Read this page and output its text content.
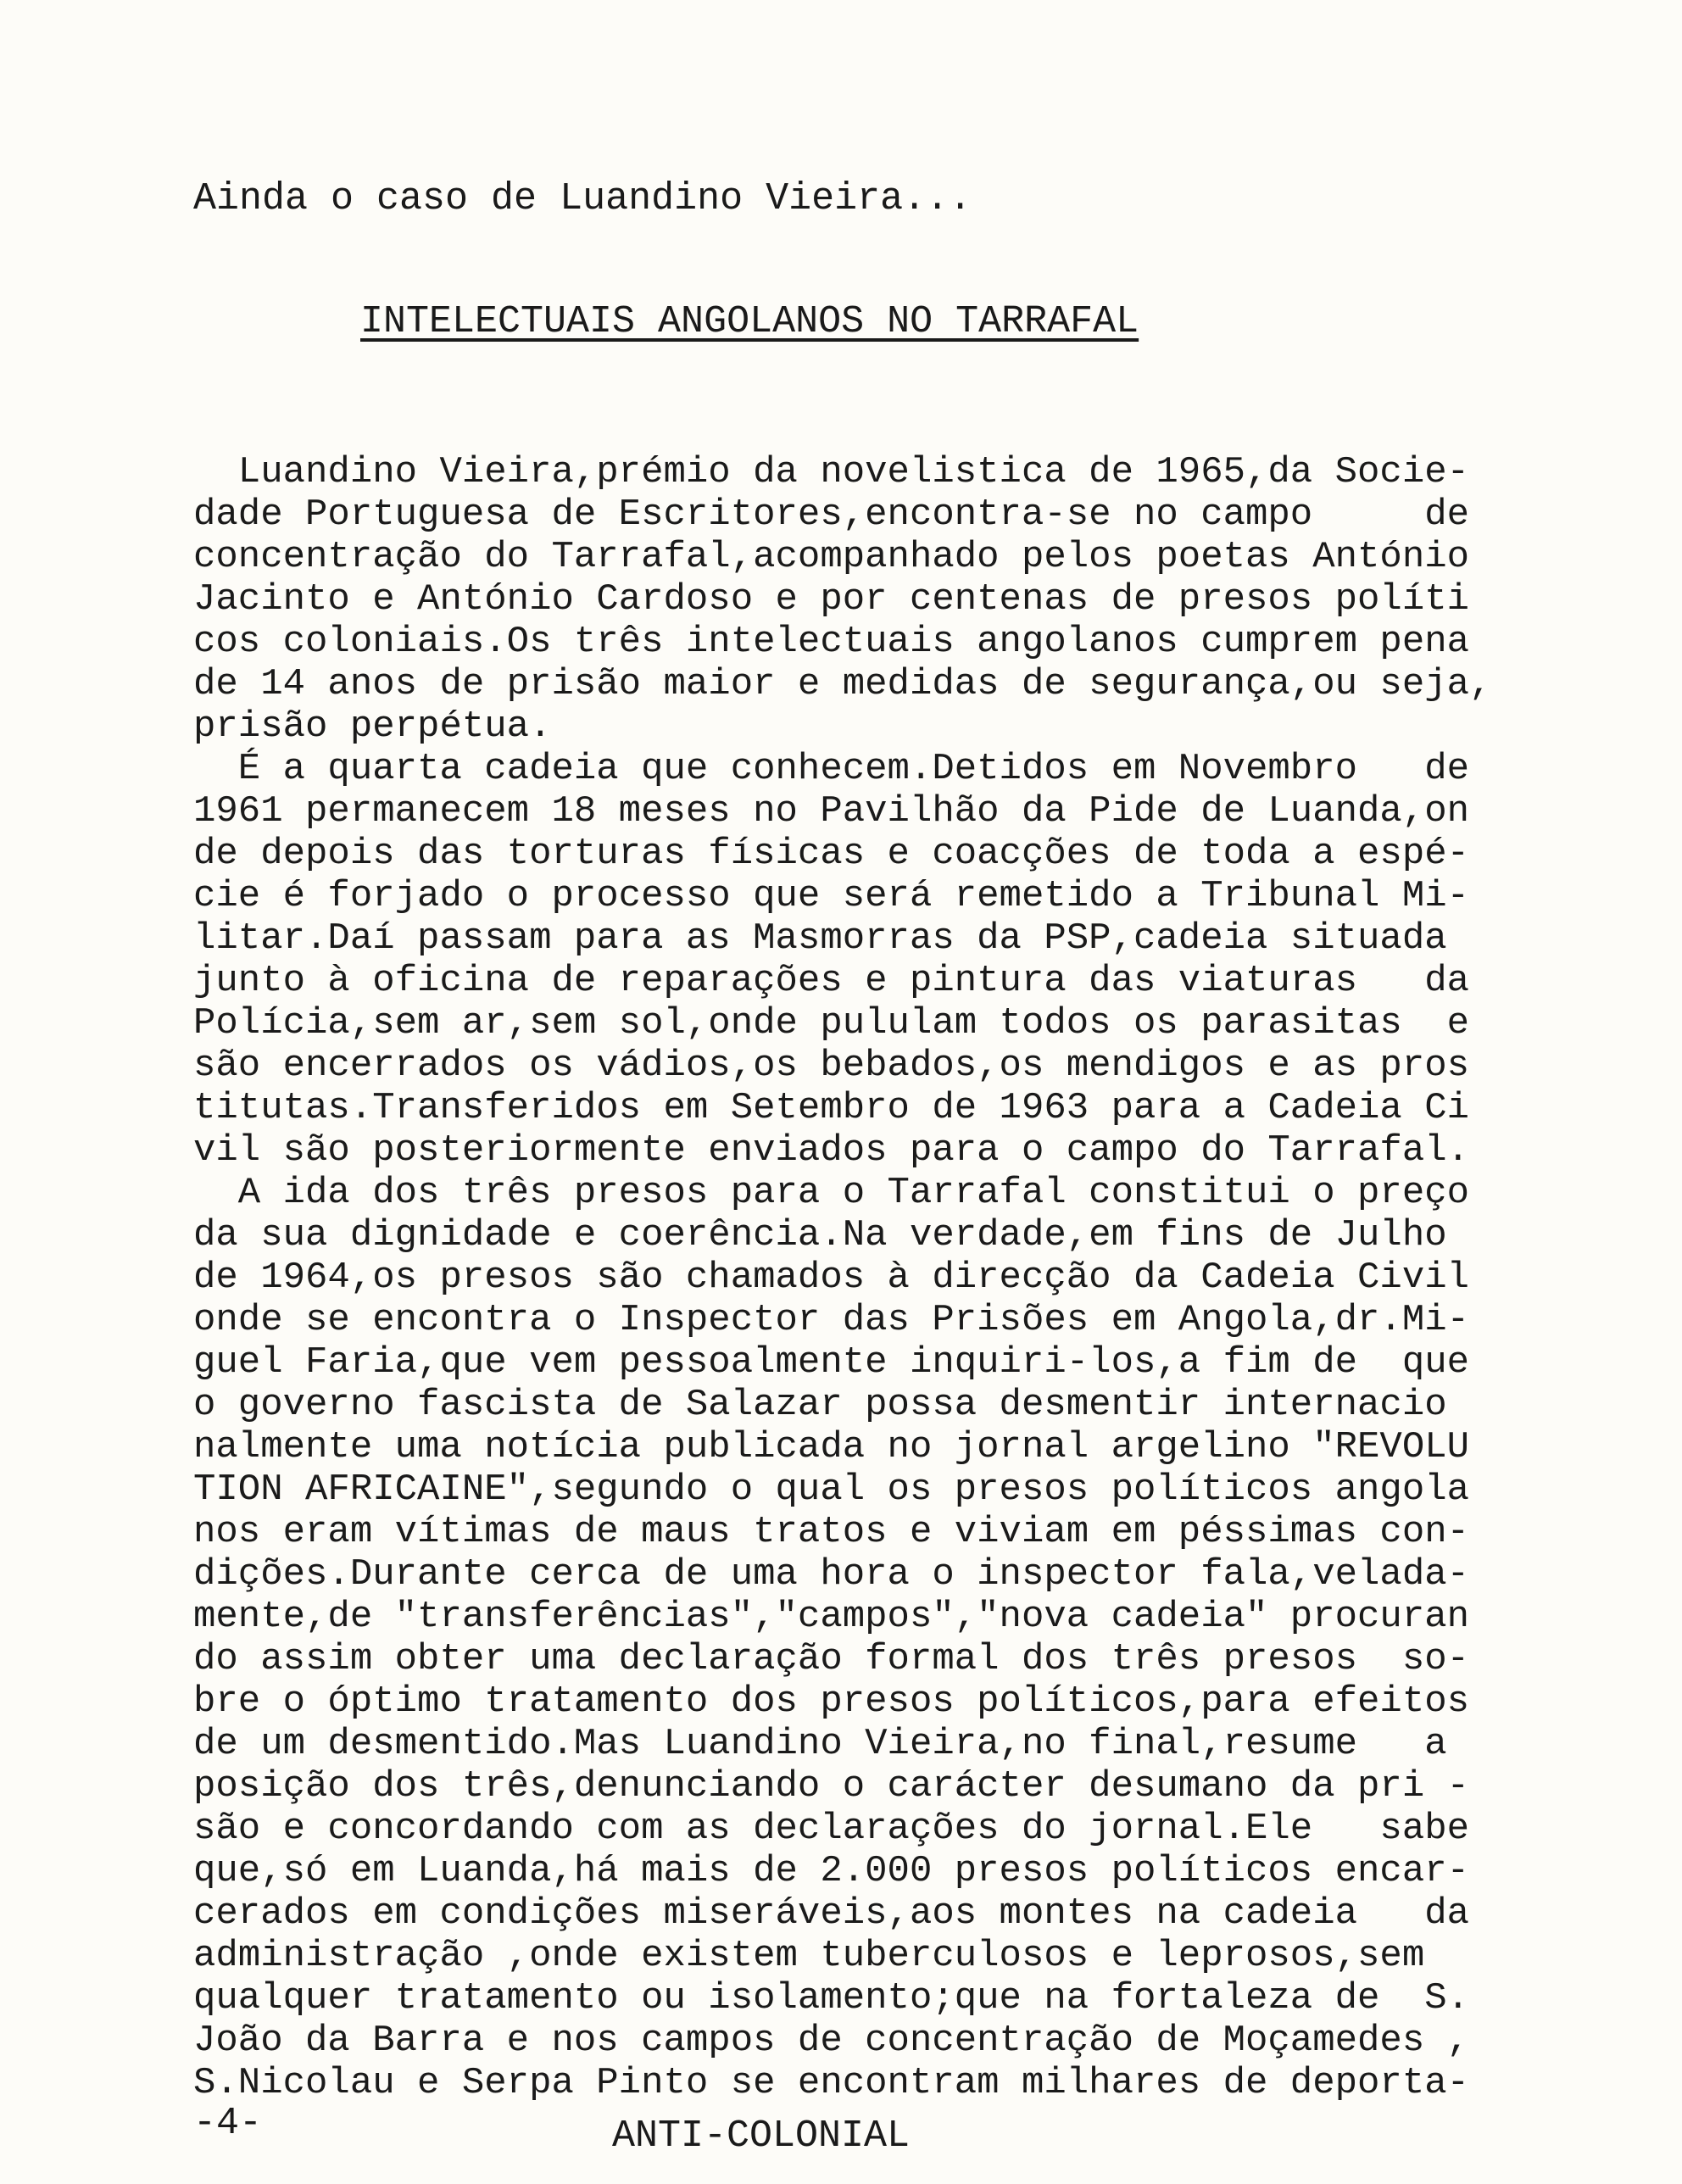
Ainda o caso de Luandino Vieira...
INTELECTUAIS ANGOLANOS NO TARRAFAL
Luandino Vieira,prémio da novelistica de 1965,da Socie-
dade Portuguesa de Escritores,encontra-se no campo     de
concentração do Tarrafal,acompanhado pelos poetas António
Jacinto e António Cardoso e por centenas de presos políti
cos coloniais.Os três intelectuais angolanos cumprem pena
de 14 anos de prisão maior e medidas de segurança,ou seja,
prisão perpétua.
É a quarta cadeia que conhecem.Detidos em Novembro   de
1961 permanecem 18 meses no Pavilhão da Pide de Luanda,on
de depois das torturas físicas e coacções de toda a espé-
cie é forjado o processo que será remetido a Tribunal Mi-
litar.Daí passam para as Masmorras da PSP,cadeia situada
junto à oficina de reparações e pintura das viaturas   da
Polícia,sem ar,sem sol,onde pululam todos os parasitas  e
são encerrados os vádios,os bebados,os mendigos e as pros
titutas.Transferidos em Setembro de 1963 para a Cadeia Ci
vil são posteriormente enviados para o campo do Tarrafal.
A ida dos três presos para o Tarrafal constitui o preço
da sua dignidade e coerência.Na verdade,em fins de Julho
de 1964,os presos são chamados à direcção da Cadeia Civil
onde se encontra o Inspector das Prisões em Angola,dr.Mi-
guel Faria,que vem pessoalmente inquiri-los,a fim de  que
o governo fascista de Salazar possa desmentir internacio
nalmente uma notícia publicada no jornal argelino "REVOLU
TION AFRICAINE",segundo o qual os presos políticos angola
nos eram vítimas de maus tratos e viviam em péssimas con-
dições.Durante cerca de uma hora o inspector fala,velada-
mente,de "transferências","campos","nova cadeia" procuran
do assim obter uma declaração formal dos três presos  so-
bre o óptimo tratamento dos presos políticos,para efeitos
de um desmentido.Mas Luandino Vieira,no final,resume   a
posição dos três,denunciando o carácter desumano da pri -
são e concordando com as declarações do jornal.Ele   sabe
que,só em Luanda,há mais de 2.000 presos políticos encar-
cerados em condições miseráveis,aos montes na cadeia   da
administração ,onde existem tuberculosos e leprosos,sem
qualquer tratamento ou isolamento;que na fortaleza de  S.
João da Barra e nos campos de concentração de Moçamedes ,
S.Nicolau e Serpa Pinto se encontram milhares de deporta-
-4-	ANTI-COLONIAL
